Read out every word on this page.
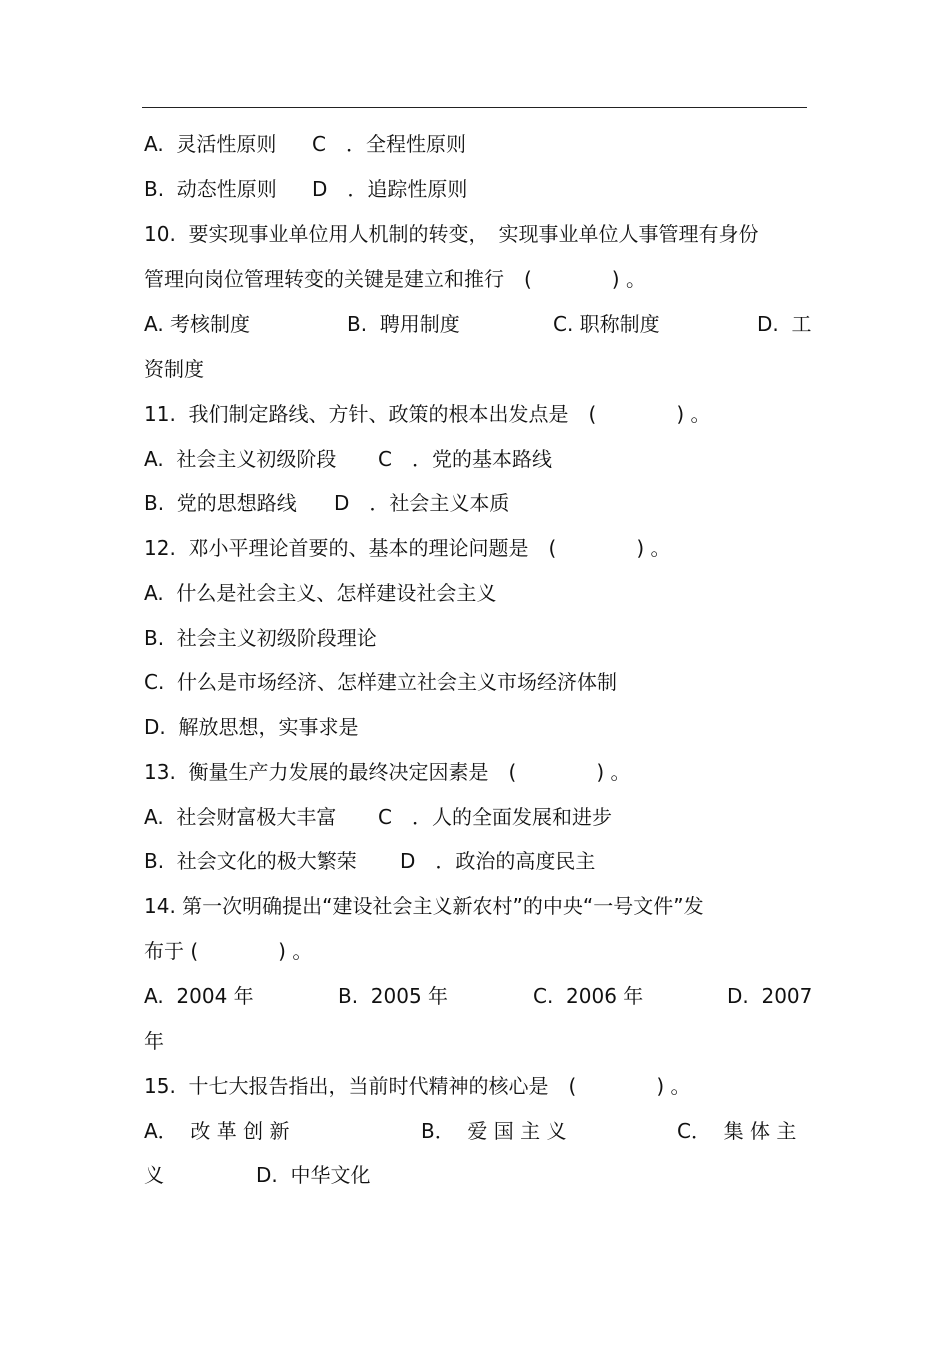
A.  灵活性原则 C　．全程性原则
B.  动态性原则 D　．追踪性原则
10.  要实现事业单位用人机制的转变，　实现事业单位人事管理有身份
管理向岗位管理转变的关键是建立和推行　(　　　　) 。
A. 考核制度	B.  聘用制度	C. 职称制度	D.  工
资制度
11.  我们制定路线、方针、政策的根本出发点是　(　　　　) 。
A.  社会主义初级阶段 C　．党的基本路线
B.  党的思想路线 D　．社会主义本质
12.  邓小平理论首要的、基本的理论问题是　(　　　　) 。
A.  什么是社会主义、怎样建设社会主义
B.  社会主义初级阶段理论
C.  什么是市场经济、怎样建立社会主义市场经济体制
D.  解放思想，实事求是
13.  衡量生产力发展的最终决定因素是　(　　　　) 。
A.  社会财富极大丰富 C　．人的全面发展和进步
B.  社会文化的极大繁荣 D　．政治的高度民主
14. 第一次明确提出“建设社会主义新农村”的中央“一号文件”发
布于 (　　　　) 。
A.  2004 年	B.  2005 年	C.  2006 年	D.  2007
年
15.  十七大报告指出，当前时代精神的核心是　(　　　　) 。
A．  改 革 创 新	B．  爱 国 主 义	C．  集 体 主
义	D.  中华文化
